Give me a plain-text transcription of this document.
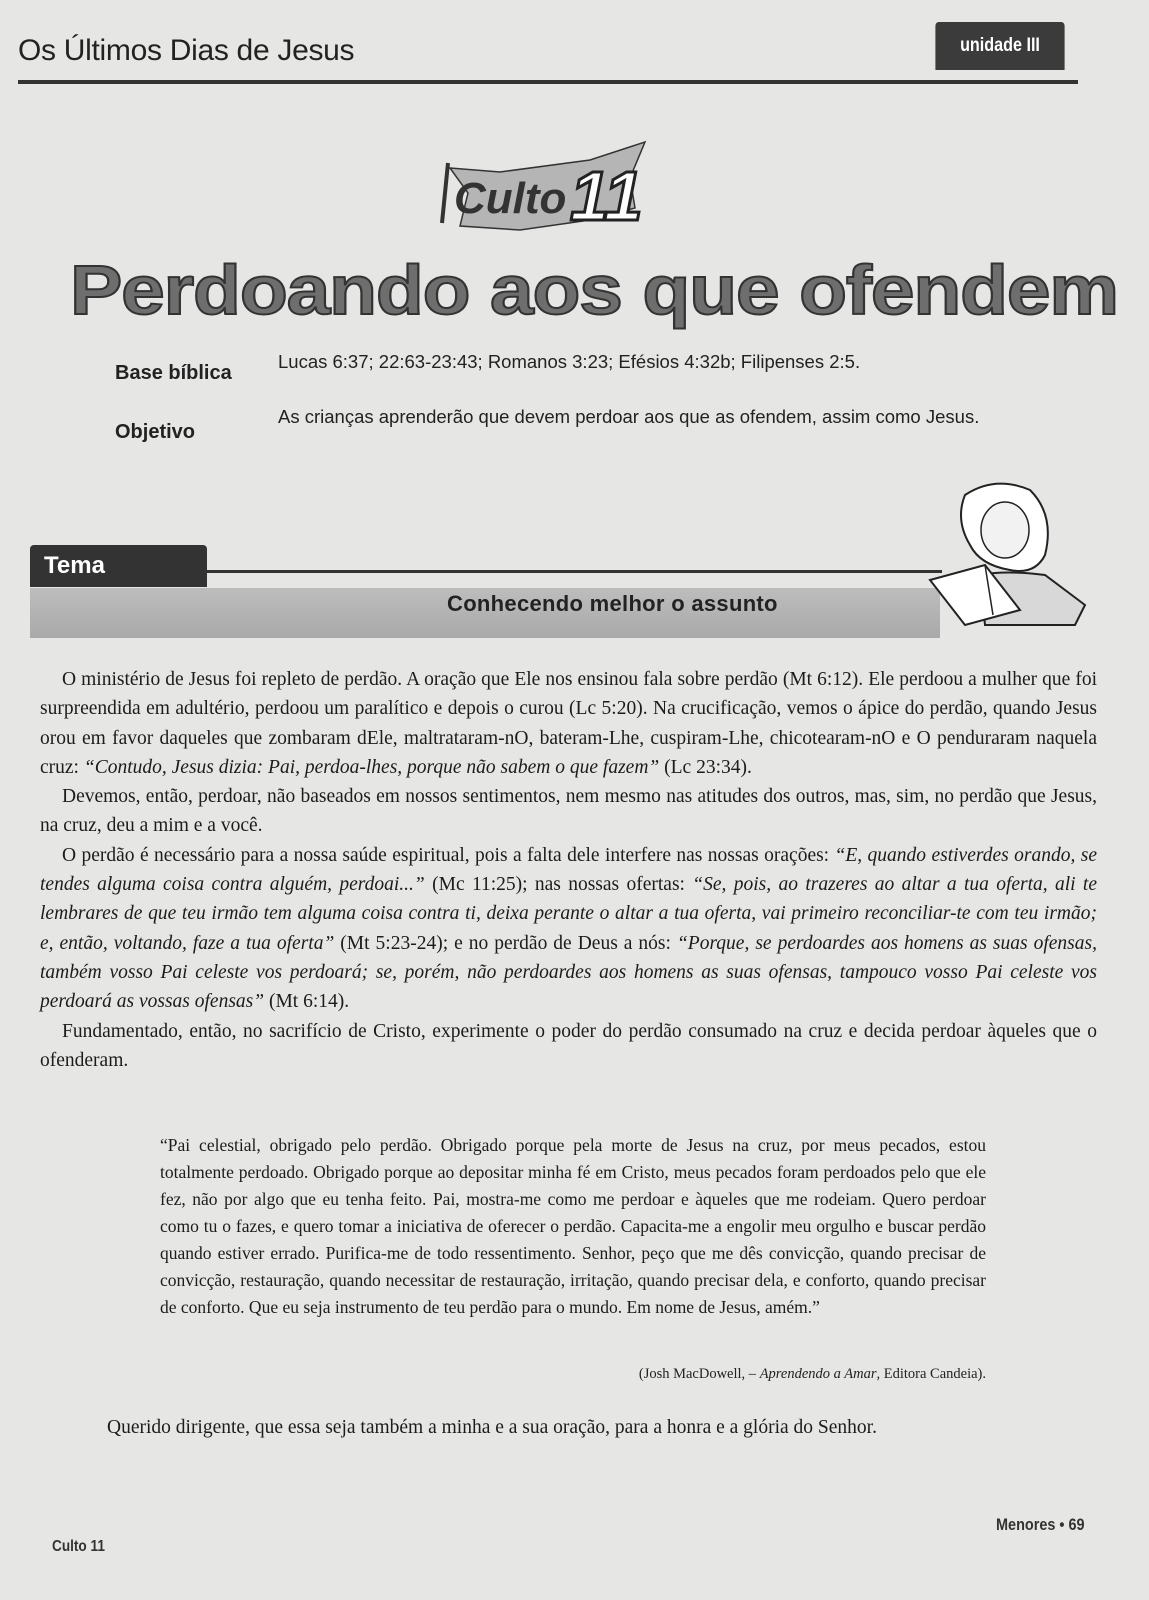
Os Últimos Dias de Jesus	unidade III
Culto 11
Perdoando aos que ofendem
Base bíblica
Lucas 6:37; 22:63-23:43; Romanos 3:23; Efésios 4:32b; Filipenses 2:5.
Objetivo
As crianças aprenderão que devem perdoar aos que as ofendem, assim como Jesus.
Tema
Conhecendo melhor o assunto

O ministério de Jesus foi repleto de perdão. A oração que Ele nos ensinou fala sobre perdão (Mt 6:12). Ele perdoou a mulher que foi surpreendida em adultério, perdoou um paralítico e depois o curou (Lc 5:20). Na crucificação, vemos o ápice do perdão, quando Jesus orou em favor daqueles que zombaram dEle, maltrataram-nO, bateram-Lhe, cuspiram-Lhe, chicotearam-nO e O penduraram naquela cruz: “Contudo, Jesus dizia: Pai, perdoa-lhes, porque não sabem o que fazem” (Lc 23:34).

Devemos, então, perdoar, não baseados em nossos sentimentos, nem mesmo nas atitudes dos outros, mas, sim, no perdão que Jesus, na cruz, deu a mim e a você.

O perdão é necessário para a nossa saúde espiritual, pois a falta dele interfere nas nossas orações: “E, quando estiverdes orando, se tendes alguma coisa contra alguém, perdoai...” (Mc 11:25); nas nossas ofertas: “Se, pois, ao trazeres ao altar a tua oferta, ali te lembrares de que teu irmão tem alguma coisa contra ti, deixa perante o altar a tua oferta, vai primeiro reconciliar-te com teu irmão; e, então, voltando, faze a tua oferta” (Mt 5:23-24); e no perdão de Deus a nós: “Porque, se perdoardes aos homens as suas ofensas, também vosso Pai celeste vos perdoará; se, porém, não perdoardes aos homens as suas ofensas, tampouco vosso Pai celeste vos perdoará as vossas ofensas” (Mt 6:14).

Fundamentado, então, no sacrifício de Cristo, experimente o poder do perdão consumado na cruz e decida perdoar àqueles que o ofenderam.

“Pai celestial, obrigado pelo perdão. Obrigado porque pela morte de Jesus na cruz, por meus pecados, estou totalmente perdoado. Obrigado porque ao depositar minha fé em Cristo, meus pecados foram perdoados pelo que ele fez, não por algo que eu tenha feito. Pai, mostra-me como me perdoar e àqueles que me rodeiam. Quero perdoar como tu o fazes, e quero tomar a iniciativa de oferecer o perdão. Capacita-me a engolir meu orgulho e buscar perdão quando estiver errado. Purifica-me de todo ressentimento. Senhor, peço que me dês convicção, quando precisar de convicção, restauração, quando necessitar de restauração, irritação, quando precisar dela, e conforto, quando precisar de conforto. Que eu seja instrumento de teu perdão para o mundo. Em nome de Jesus, amém.”
(Josh MacDowell, – Aprendendo a Amar, Editora Candeia).
Querido dirigente, que essa seja também a minha e a sua oração, para a honra e a glória do Senhor.
Culto 11
Menores • 69
